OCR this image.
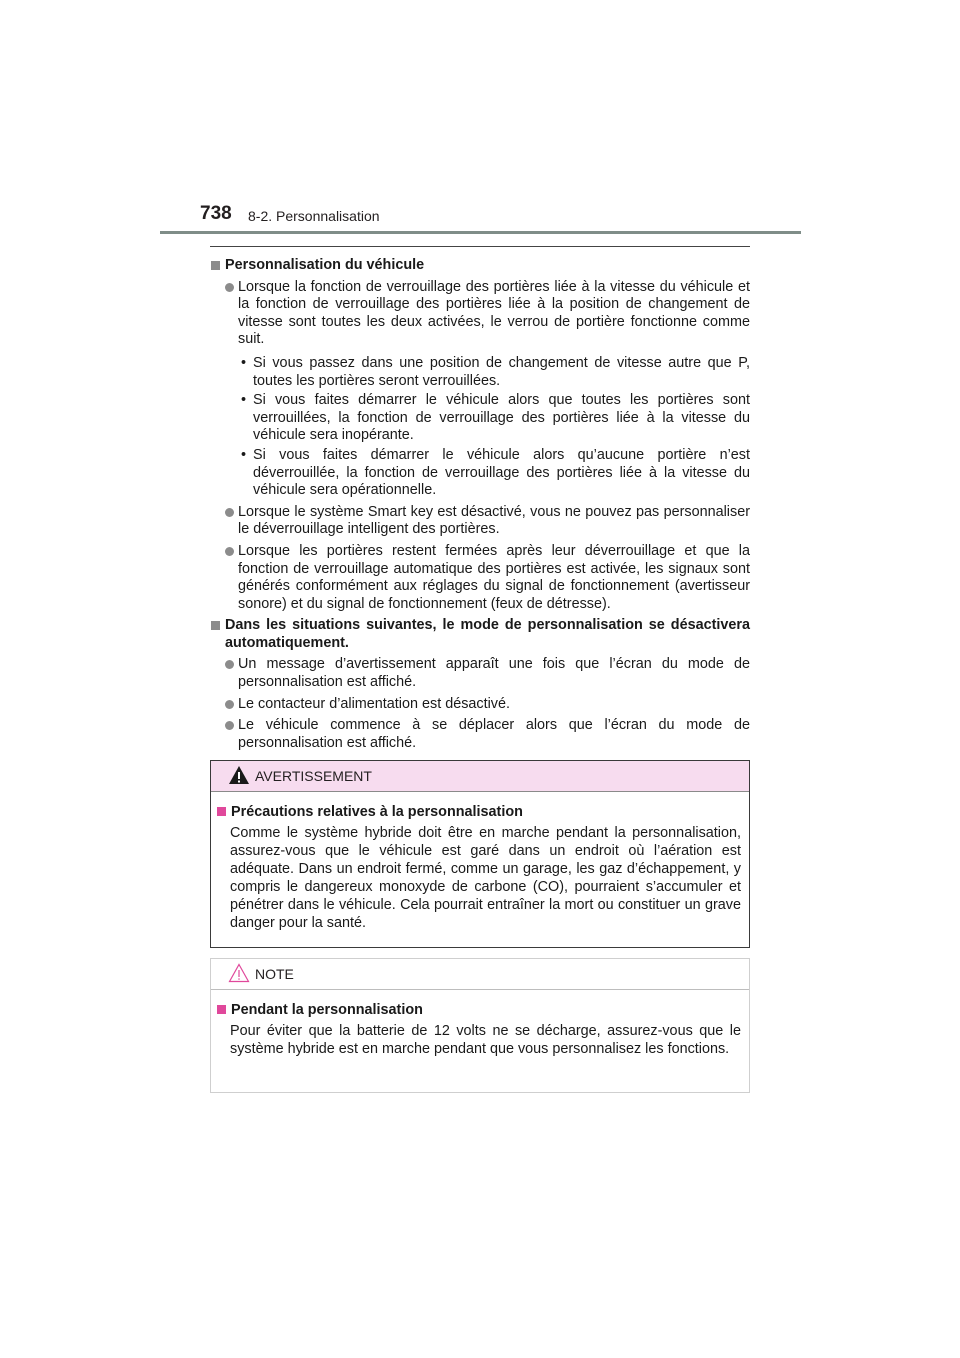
738 8-2. Personnalisation
Personnalisation du véhicule
Lorsque la fonction de verrouillage des portières liée à la vitesse du véhicule et la fonction de verrouillage des portières liée à la position de changement de vitesse sont toutes les deux activées, le verrou de portière fonctionne comme suit.
• Si vous passez dans une position de changement de vitesse autre que P, toutes les portières seront verrouillées.
• Si vous faites démarrer le véhicule alors que toutes les portières sont verrouillées, la fonction de verrouillage des portières liée à la vitesse du véhicule sera inopérante.
• Si vous faites démarrer le véhicule alors qu’aucune portière n’est déverrouillée, la fonction de verrouillage des portières liée à la vitesse du véhicule sera opérationnelle.
Lorsque le système Smart key est désactivé, vous ne pouvez pas personnaliser le déverrouillage intelligent des portières.
Lorsque les portières restent fermées après leur déverrouillage et que la fonction de verrouillage automatique des portières est activée, les signaux sont générés conformément aux réglages du signal de fonctionnement (avertisseur sonore) et du signal de fonctionnement (feux de détresse).
Dans les situations suivantes, le mode de personnalisation se désactivera automatiquement.
Un message d’avertissement apparaît une fois que l’écran du mode de personnalisation est affiché.
Le contacteur d’alimentation est désactivé.
Le véhicule commence à se déplacer alors que l’écran du mode de personnalisation est affiché.
AVERTISSEMENT
Précautions relatives à la personnalisation
Comme le système hybride doit être en marche pendant la personnalisation, assurez-vous que le véhicule est garé dans un endroit où l’aération est adéquate. Dans un endroit fermé, comme un garage, les gaz d’échappement, y compris le dangereux monoxyde de carbone (CO), pourraient s’accumuler et pénétrer dans le véhicule. Cela pourrait entraîner la mort ou constituer un grave danger pour la santé.
NOTE
Pendant la personnalisation
Pour éviter que la batterie de 12 volts ne se décharge, assurez-vous que le système hybride est en marche pendant que vous personnalisez les fonctions.
